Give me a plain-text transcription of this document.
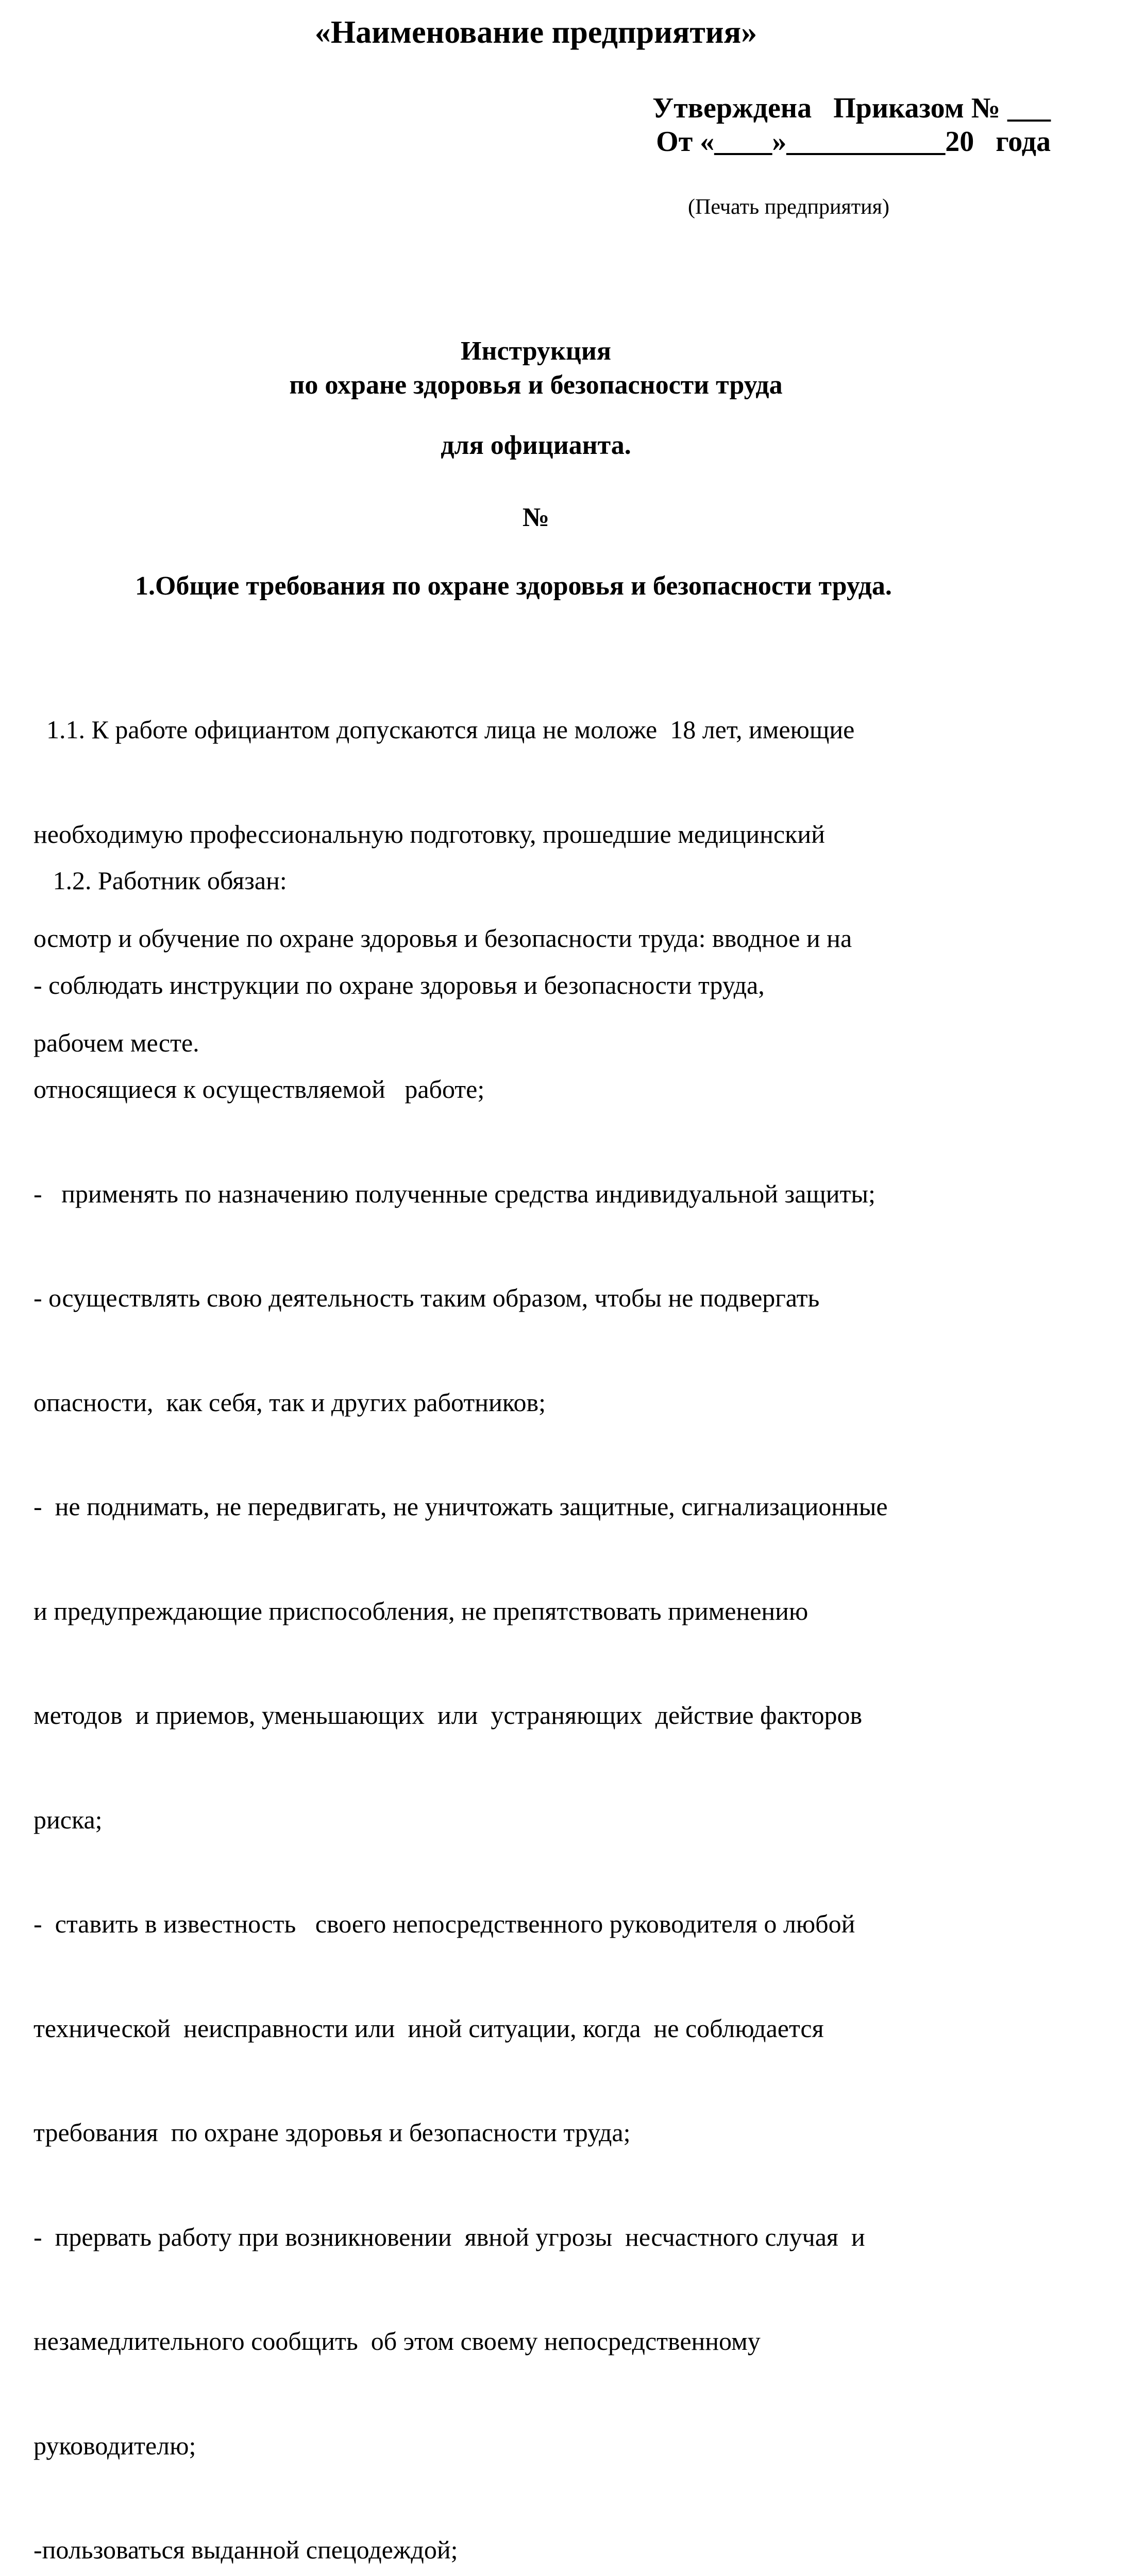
«Наименование предприятия»
Утверждена   Приказом № ___
От «____»___________20   года
(Печать предприятия)
Инструкция
по охране здоровья и безопасности труда
для официанта.
№
1.Общие требования по охране здоровья и безопасности труда.

1.1. К работе официантом допускаются лица не моложе  18 лет, имеющие

необходимую профессиональную подготовку, прошедшие медицинский

осмотр и обучение по охране здоровья и безопасности труда: вводное и на

рабочем месте.

1.2. Работник обязан:

- соблюдать инструкции по охране здоровья и безопасности труда,

относящиеся к осуществляемой   работе;

-   применять по назначению полученные средства индивидуальной защиты;

- осуществлять свою деятельность таким образом, чтобы не подвергать

опасности,  как себя, так и других работников;

-  не поднимать, не передвигать, не уничтожать защитные, сигнализационные

и предупреждающие приспособления, не препятствовать применению

методов  и приемов, уменьшающих  или  устраняющих  действие факторов

риска;

-  ставить в известность   своего непосредственного руководителя о любой

технической  неисправности или  иной ситуации, когда  не соблюдается

требования  по охране здоровья и безопасности труда;

-  прервать работу при возникновении  явной угрозы  несчастного случая  и

незамедлительного сообщить  об этом своему непосредственному

руководителю;

-пользоваться выданной спецодеждой;
